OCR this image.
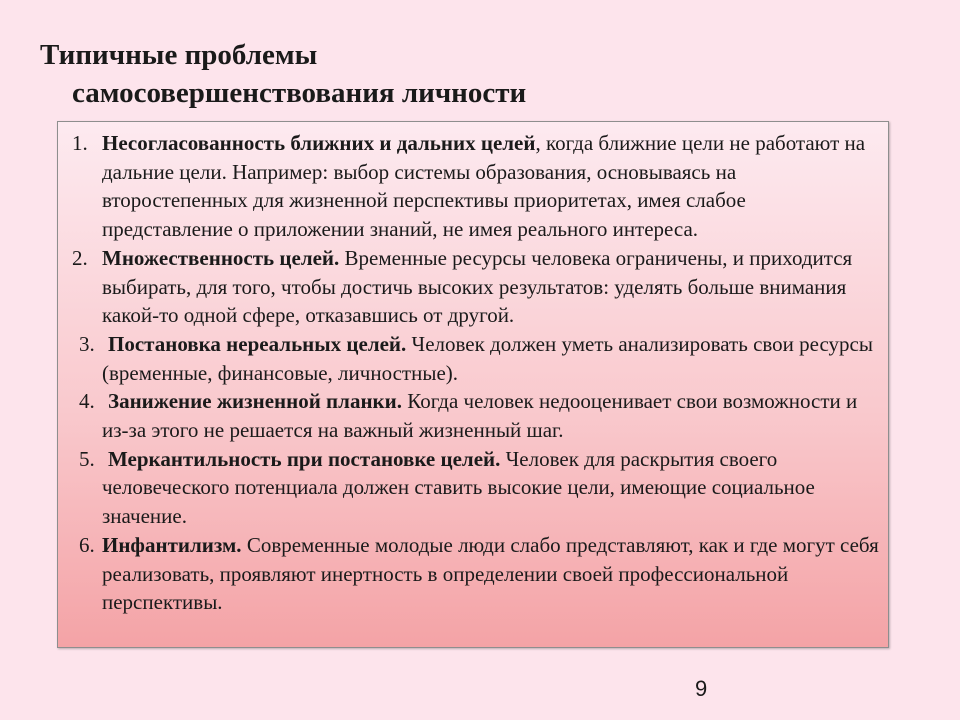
Типичные проблемы
самосовершенствования личности
1. Несогласованность ближних и дальних целей, когда ближние цели не работают на дальние цели. Например: выбор системы образования, основываясь на второстепенных для жизненной перспективы приоритетах, имея слабое представление о приложении знаний, не имея реального интереса.
2. Множественность целей. Временные ресурсы человека ограничены, и приходится выбирать, для того, чтобы достичь высоких результатов: уделять больше внимания какой-то одной сфере, отказавшись от другой.
3. Постановка нереальных целей. Человек должен уметь анализировать свои ресурсы (временные, финансовые, личностные).
4. Занижение жизненной планки. Когда человек недооценивает свои возможности и из-за этого не решается на важный жизненный шаг.
5. Меркантильность при постановке целей. Человек для раскрытия своего человеческого потенциала должен ставить высокие цели, имеющие социальное значение.
6. Инфантилизм. Современные молодые люди слабо представляют, как и где могут себя реализовать, проявляют инертность в определении своей профессиональной перспективы.
9
